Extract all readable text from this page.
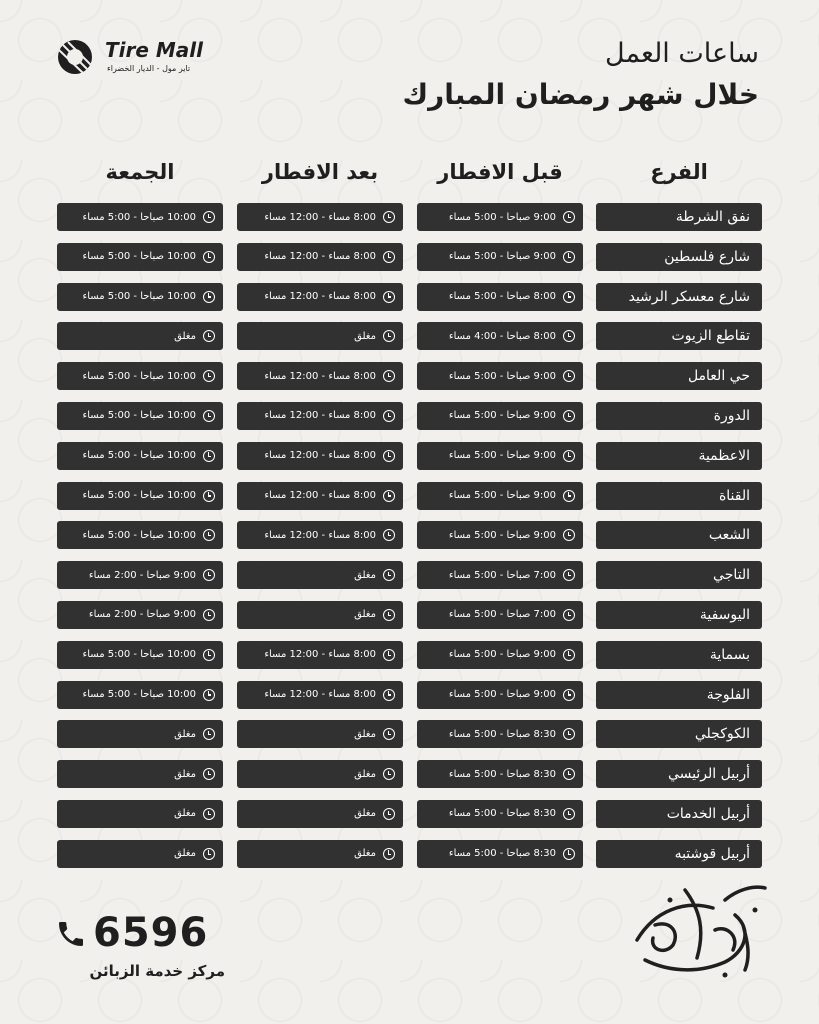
Tire Mall
تاير مول - الديار الخضراء	ساعات العمل
خلال شهر رمضان المبارك
الفرع
قبل الافطار
بعد الافطار
الجمعة
نفق الشرطة
9:00 صباحا - 5:00 مساء
8:00 مساء - 12:00 مساء
10:00 صباحا - 5:00 مساء
شارع فلسطين
9:00 صباحا - 5:00 مساء
8:00 مساء - 12:00 مساء
10:00 صباحا - 5:00 مساء
شارع معسكر الرشيد
8:00 صباحا - 5:00 مساء
8:00 مساء - 12:00 مساء
10:00 صباحا - 5:00 مساء
تقاطع الزيوت
8:00 صباحا - 4:00 مساء
مغلق
مغلق
حي العامل
9:00 صباحا - 5:00 مساء
8:00 مساء - 12:00 مساء
10:00 صباحا - 5:00 مساء
الدورة
9:00 صباحا - 5:00 مساء
8:00 مساء - 12:00 مساء
10:00 صباحا - 5:00 مساء
الاعظمية
9:00 صباحا - 5:00 مساء
8:00 مساء - 12:00 مساء
10:00 صباحا - 5:00 مساء
القناة
9:00 صباحا - 5:00 مساء
8:00 مساء - 12:00 مساء
10:00 صباحا - 5:00 مساء
الشعب
9:00 صباحا - 5:00 مساء
8:00 مساء - 12:00 مساء
10:00 صباحا - 5:00 مساء
التاجي
7:00 صباحا - 5:00 مساء
مغلق
9:00 صباحا - 2:00 مساء
اليوسفية
7:00 صباحا - 5:00 مساء
مغلق
9:00 صباحا - 2:00 مساء
بسماية
9:00 صباحا - 5:00 مساء
8:00 مساء - 12:00 مساء
10:00 صباحا - 5:00 مساء
الفلوجة
9:00 صباحا - 5:00 مساء
8:00 مساء - 12:00 مساء
10:00 صباحا - 5:00 مساء
الكوكجلي
8:30 صباحا - 5:00 مساء
مغلق
مغلق
أربيل الرئيسي
8:30 صباحا - 5:00 مساء
مغلق
مغلق
أربيل الخدمات
8:30 صباحا - 5:00 مساء
مغلق
مغلق
أربيل قوشتبه
8:30 صباحا - 5:00 مساء
مغلق
مغلق
6596
مركز خدمة الزبائن
